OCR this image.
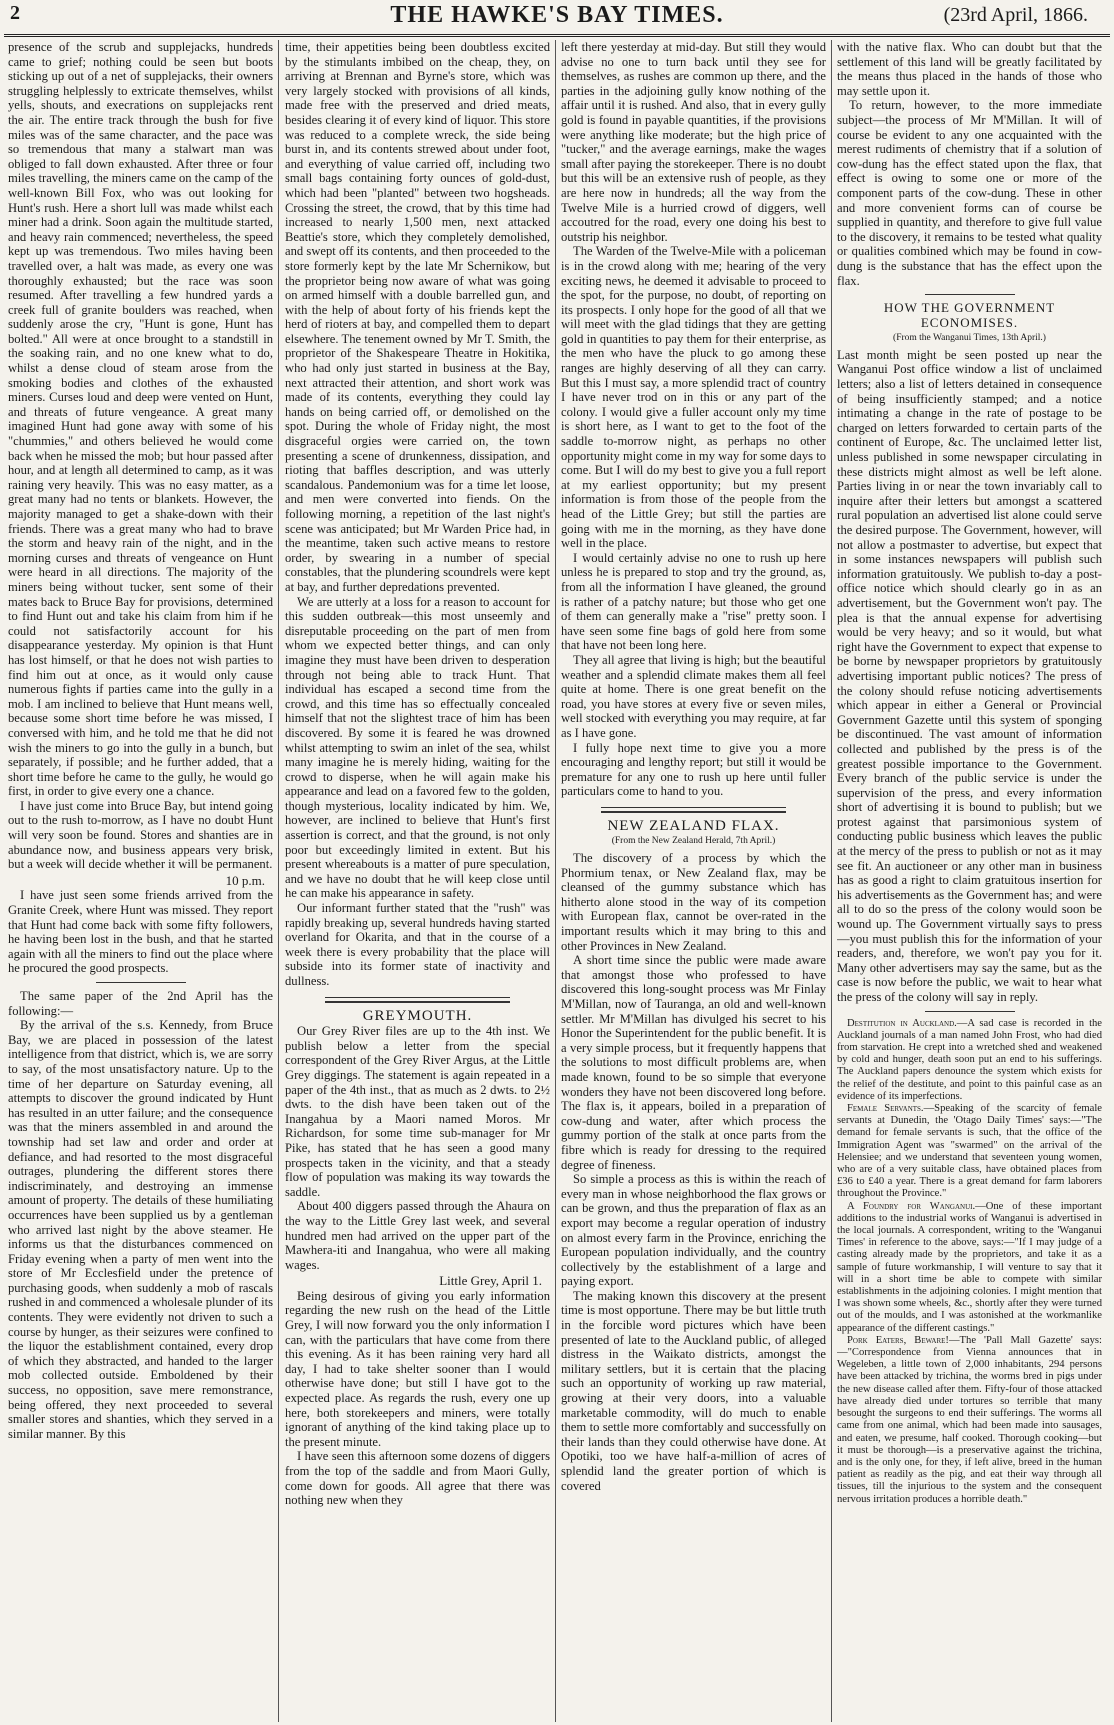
2	THE HAWKE'S BAY TIMES.	(23rd April, 1866.

presence of the scrub and supplejacks, hundreds came to grief; nothing could be seen but boots sticking up out of a net of supplejacks, their owners struggling helplessly to extricate themselves, whilst yells, shouts, and execrations on supplejacks rent the air. The entire track through the bush for five miles was of the same character, and the pace was so tremendous that many a stalwart man was obliged to fall down exhausted. After three or four miles travelling, the miners came on the camp of the well-known Bill Fox, who was out looking for Hunt's rush. Here a short lull was made whilst each miner had a drink. Soon again the multitude started, and heavy rain commenced; nevertheless, the speed kept up was tremendous. Two miles having been travelled over, a halt was made, as every one was thoroughly exhausted; but the race was soon resumed. After travelling a few hundred yards a creek full of granite boulders was reached, when suddenly arose the cry, "Hunt is gone, Hunt has bolted." All were at once brought to a standstill in the soaking rain, and no one knew what to do, whilst a dense cloud of steam arose from the smoking bodies and clothes of the exhausted miners. Curses loud and deep were vented on Hunt, and threats of future vengeance. A great many imagined Hunt had gone away with some of his "chummies," and others believed he would come back when he missed the mob; but hour passed after hour, and at length all determined to camp, as it was raining very heavily. This was no easy matter, as a great many had no tents or blankets. However, the majority managed to get a shake-down with their friends. There was a great many who had to brave the storm and heavy rain of the night, and in the morning curses and threats of vengeance on Hunt were heard in all directions. The majority of the miners being without tucker, sent some of their mates back to Bruce Bay for provisions, determined to find Hunt out and take his claim from him if he could not satisfactorily account for his disappearance yesterday. My opinion is that Hunt has lost himself, or that he does not wish parties to find him out at once, as it would only cause numerous fights if parties came into the gully in a mob. I am inclined to believe that Hunt means well, because some short time before he was missed, I conversed with him, and he told me that he did not wish the miners to go into the gully in a bunch, but separately, if possible; and he further added, that a short time before he came to the gully, he would go first, in order to give every one a chance.

I have just come into Bruce Bay, but intend going out to the rush to-morrow, as I have no doubt Hunt will very soon be found. Stores and shanties are in abundance now, and business appears very brisk, but a week will decide whether it will be permanent.

10 p.m.

I have just seen some friends arrived from the Granite Creek, where Hunt was missed. They report that Hunt had come back with some fifty followers, he having been lost in the bush, and that he started again with all the miners to find out the place where he procured the good prospects.

The same paper of the 2nd April has the following:—

By the arrival of the s.s. Kennedy, from Bruce Bay, we are placed in possession of the latest intelligence from that district, which is, we are sorry to say, of the most unsatisfactory nature. Up to the time of her departure on Saturday evening, all attempts to discover the ground indicated by Hunt has resulted in an utter failure; and the consequence was that the miners assembled in and around the township had set law and order and order at defiance, and had resorted to the most disgraceful outrages, plundering the different stores there indiscriminately, and destroying an immense amount of property. The details of these humiliating occurrences have been supplied us by a gentleman who arrived last night by the above steamer. He informs us that the disturbances commenced on Friday evening when a party of men went into the store of Mr Ecclesfield under the pretence of purchasing goods, when suddenly a mob of rascals rushed in and commenced a wholesale plunder of its contents. They were evidently not driven to such a course by hunger, as their seizures were confined to the liquor the establishment contained, every drop of which they abstracted, and handed to the larger mob collected outside. Emboldened by their success, no opposition, save mere remonstrance, being offered, they next proceeded to several smaller stores and shanties, which they served in a similar manner. By this

time, their appetities being been doubtless excited by the stimulants imbibed on the cheap, they, on arriving at Brennan and Byrne's store, which was very largely stocked with provisions of all kinds, made free with the preserved and dried meats, besides clearing it of every kind of liquor. This store was reduced to a complete wreck, the side being burst in, and its contents strewed about under foot, and everything of value carried off, including two small bags containing forty ounces of gold-dust, which had been "planted" between two hogsheads. Crossing the street, the crowd, that by this time had increased to nearly 1,500 men, next attacked Beattie's store, which they completely demolished, and swept off its contents, and then proceeded to the store formerly kept by the late Mr Schernikow, but the proprietor being now aware of what was going on armed himself with a double barrelled gun, and with the help of about forty of his friends kept the herd of rioters at bay, and compelled them to depart elsewhere. The tenement owned by Mr T. Smith, the proprietor of the Shakespeare Theatre in Hokitika, who had only just started in business at the Bay, next attracted their attention, and short work was made of its contents, everything they could lay hands on being carried off, or demolished on the spot. During the whole of Friday night, the most disgraceful orgies were carried on, the town presenting a scene of drunkenness, dissipation, and rioting that baffles description, and was utterly scandalous. Pandemonium was for a time let loose, and men were converted into fiends. On the following morning, a repetition of the last night's scene was anticipated; but Mr Warden Price had, in the meantime, taken such active means to restore order, by swearing in a number of special constables, that the plundering scoundrels were kept at bay, and further depredations prevented.

We are utterly at a loss for a reason to account for this sudden outbreak—this most unseemly and disreputable proceeding on the part of men from whom we expected better things, and can only imagine they must have been driven to desperation through not being able to track Hunt. That individual has escaped a second time from the crowd, and this time has so effectually concealed himself that not the slightest trace of him has been discovered. By some it is feared he was drowned whilst attempting to swim an inlet of the sea, whilst many imagine he is merely hiding, waiting for the crowd to disperse, when he will again make his appearance and lead on a favored few to the golden, though mysterious, locality indicated by him. We, however, are inclined to believe that Hunt's first assertion is correct, and that the ground, is not only poor but exceedingly limited in extent. But his present whereabouts is a matter of pure speculation, and we have no doubt that he will keep close until he can make his appearance in safety.

Our informant further stated that the "rush" was rapidly breaking up, several hundreds having started overland for Okarita, and that in the course of a week there is every probability that the place will subside into its former state of inactivity and dullness.

GREYMOUTH.

Our Grey River files are up to the 4th inst. We publish below a letter from the special correspondent of the Grey River Argus, at the Little Grey diggings. The statement is again repeated in a paper of the 4th inst., that as much as 2 dwts. to 2½ dwts. to the dish have been taken out of the Inangahua by a Maori named Moros. Mr Richardson, for some time sub-manager for Mr Pike, has stated that he has seen a good many prospects taken in the vicinity, and that a steady flow of population was making its way towards the saddle.

About 400 diggers passed through the Ahaura on the way to the Little Grey last week, and several hundred men had arrived on the upper part of the Mawhera-iti and Inangahua, who were all making wages.

Little Grey, April 1.

Being desirous of giving you early information regarding the new rush on the head of the Little Grey, I will now forward you the only information I can, with the particulars that have come from there this evening. As it has been raining very hard all day, I had to take shelter sooner than I would otherwise have done; but still I have got to the expected place. As regards the rush, every one up here, both storekeepers and miners, were totally ignorant of anything of the kind taking place up to the present minute.

I have seen this afternoon some dozens of diggers from the top of the saddle and from Maori Gully, come down for goods. All agree that there was nothing new when they

left there yesterday at mid-day. But still they would advise no one to turn back until they see for themselves, as rushes are common up there, and the parties in the adjoining gully know nothing of the affair until it is rushed. And also, that in every gully gold is found in payable quantities, if the provisions were anything like moderate; but the high price of "tucker," and the average earnings, make the wages small after paying the storekeeper. There is no doubt but this will be an extensive rush of people, as they are here now in hundreds; all the way from the Twelve Mile is a hurried crowd of diggers, well accoutred for the road, every one doing his best to outstrip his neighbor.

The Warden of the Twelve-Mile with a policeman is in the crowd along with me; hearing of the very exciting news, he deemed it advisable to proceed to the spot, for the purpose, no doubt, of reporting on its prospects. I only hope for the good of all that we will meet with the glad tidings that they are getting gold in quantities to pay them for their enterprise, as the men who have the pluck to go among these ranges are highly deserving of all they can carry. But this I must say, a more splendid tract of country I have never trod on in this or any part of the colony. I would give a fuller account only my time is short here, as I want to get to the foot of the saddle to-morrow night, as perhaps no other opportunity might come in my way for some days to come. But I will do my best to give you a full report at my earliest opportunity; but my present information is from those of the people from the head of the Little Grey; but still the parties are going with me in the morning, as they have done well in the place.

I would certainly advise no one to rush up here unless he is prepared to stop and try the ground, as, from all the information I have gleaned, the ground is rather of a patchy nature; but those who get one of them can generally make a "rise" pretty soon. I have seen some fine bags of gold here from some that have not been long here.

They all agree that living is high; but the beautiful weather and a splendid climate makes them all feel quite at home. There is one great benefit on the road, you have stores at every five or seven miles, well stocked with everything you may require, at far as I have gone.

I fully hope next time to give you a more encouraging and lengthy report; but still it would be premature for any one to rush up here until fuller particulars come to hand to you.

NEW ZEALAND FLAX.
(From the New Zealand Herald, 7th April.)

The discovery of a process by which the Phormium tenax, or New Zealand flax, may be cleansed of the gummy substance which has hitherto alone stood in the way of its competion with European flax, cannot be over-rated in the important results which it may bring to this and other Provinces in New Zealand.

A short time since the public were made aware that amongst those who professed to have discovered this long-sought process was Mr Finlay M'Millan, now of Tauranga, an old and well-known settler. Mr M'Millan has divulged his secret to his Honor the Superintendent for the public benefit. It is a very simple process, but it frequently happens that the solutions to most difficult problems are, when made known, found to be so simple that everyone wonders they have not been discovered long before. The flax is, it appears, boiled in a preparation of cow-dung and water, after which process the gummy portion of the stalk at once parts from the fibre which is ready for dressing to the required degree of fineness.

So simple a process as this is within the reach of every man in whose neighborhood the flax grows or can be grown, and thus the preparation of flax as an export may become a regular operation of industry on almost every farm in the Province, enriching the European population individually, and the country collectively by the establishment of a large and paying export.

The making known this discovery at the present time is most opportune. There may be but little truth in the forcible word pictures which have been presented of late to the Auckland public, of alleged distress in the Waikato districts, amongst the military settlers, but it is certain that the placing such an opportunity of working up raw material, growing at their very doors, into a valuable marketable commodity, will do much to enable them to settle more comfortably and successfully on their lands than they could otherwise have done. At Opotiki, too we have half-a-million of acres of splendid land the greater portion of which is covered

with the native flax. Who can doubt but that the settlement of this land will be greatly facilitated by the means thus placed in the hands of those who may settle upon it.

To return, however, to the more immediate subject—the process of Mr M'Millan. It will of course be evident to any one acquainted with the merest rudiments of chemistry that if a solution of cow-dung has the effect stated upon the flax, that effect is owing to some one or more of the component parts of the cow-dung. These in other and more convenient forms can of course be supplied in quantity, and therefore to give full value to the discovery, it remains to be tested what quality or qualities combined which may be found in cow-dung is the substance that has the effect upon the flax.

HOW THE GOVERNMENT ECONOMISES.
(From the Wanganui Times, 13th April.)

Last month might be seen posted up near the Wanganui Post office window a list of unclaimed letters; also a list of letters detained in consequence of being insufficiently stamped; and a notice intimating a change in the rate of postage to be charged on letters forwarded to certain parts of the continent of Europe, &c. The unclaimed letter list, unless published in some newspaper circulating in these districts might almost as well be left alone. Parties living in or near the town invariably call to inquire after their letters but amongst a scattered rural population an advertised list alone could serve the desired purpose. The Government, however, will not allow a postmaster to advertise, but expect that in some instances newspapers will publish such information gratuitously. We publish to-day a post-office notice which should clearly go in as an advertisement, but the Government won't pay. The plea is that the annual expense for advertising would be very heavy; and so it would, but what right have the Government to expect that expense to be borne by newspaper proprietors by gratuitously advertising important public notices? The press of the colony should refuse noticing advertisements which appear in either a General or Provincial Government Gazette until this system of sponging be discontinued. The vast amount of information collected and published by the press is of the greatest possible importance to the Government. Every branch of the public service is under the supervision of the press, and every information short of advertising it is bound to publish; but we protest against that parsimonious system of conducting public business which leaves the public at the mercy of the press to publish or not as it may see fit. An auctioneer or any other man in business has as good a right to claim gratuitous insertion for his advertisements as the Government has; and were all to do so the press of the colony would soon be wound up. The Government virtually says to press—you must publish this for the information of your readers, and, therefore, we won't pay you for it. Many other advertisers may say the same, but as the case is now before the public, we wait to hear what the press of the colony will say in reply.

Destitution in Auckland.—A sad case is recorded in the Auckland journals of a man named John Frost, who had died from starvation. He crept into a wretched shed and weakened by cold and hunger, death soon put an end to his sufferings. The Auckland papers denounce the system which exists for the relief of the destitute, and point to this painful case as an evidence of its imperfections.

Female Servants.—Speaking of the scarcity of female servants at Dunedin, the 'Otago Daily Times' says:—"The demand for female servants is such, that the office of the Immigration Agent was "swarmed" on the arrival of the Helensiee; and we understand that seventeen young women, who are of a very suitable class, have obtained places from £36 to £40 a year. There is a great demand for farm laborers throughout the Province."

A Foundry for Wanganui.—One of these important additions to the industrial works of Wanganui is advertised in the local journals. A correspondent, writing to the 'Wanganui Times' in reference to the above, says:—"If I may judge of a casting already made by the proprietors, and take it as a sample of future workmanship, I will venture to say that it will in a short time be able to compete with similar establishments in the adjoining colonies. I might mention that I was shown some wheels, &c., shortly after they were turned out of the moulds, and I was astonished at the workmanlike appearance of the different castings."

Pork Eaters, Beware!—The 'Pall Mall Gazette' says:—"Correspondence from Vienna announces that in Wegeleben, a little town of 2,000 inhabitants, 294 persons have been attacked by trichina, the worms bred in pigs under the new disease called after them. Fifty-four of those attacked have already died under tortures so terrible that many besought the surgeons to end their sufferings. The worms all came from one animal, which had been made into sausages, and eaten, we presume, half cooked. Thorough cooking—but it must be thorough—is a preservative against the trichina, and is the only one, for they, if left alive, breed in the human patient as readily as the pig, and eat their way through all tissues, till the injurious to the system and the consequent nervous irritation produces a horrible death."
